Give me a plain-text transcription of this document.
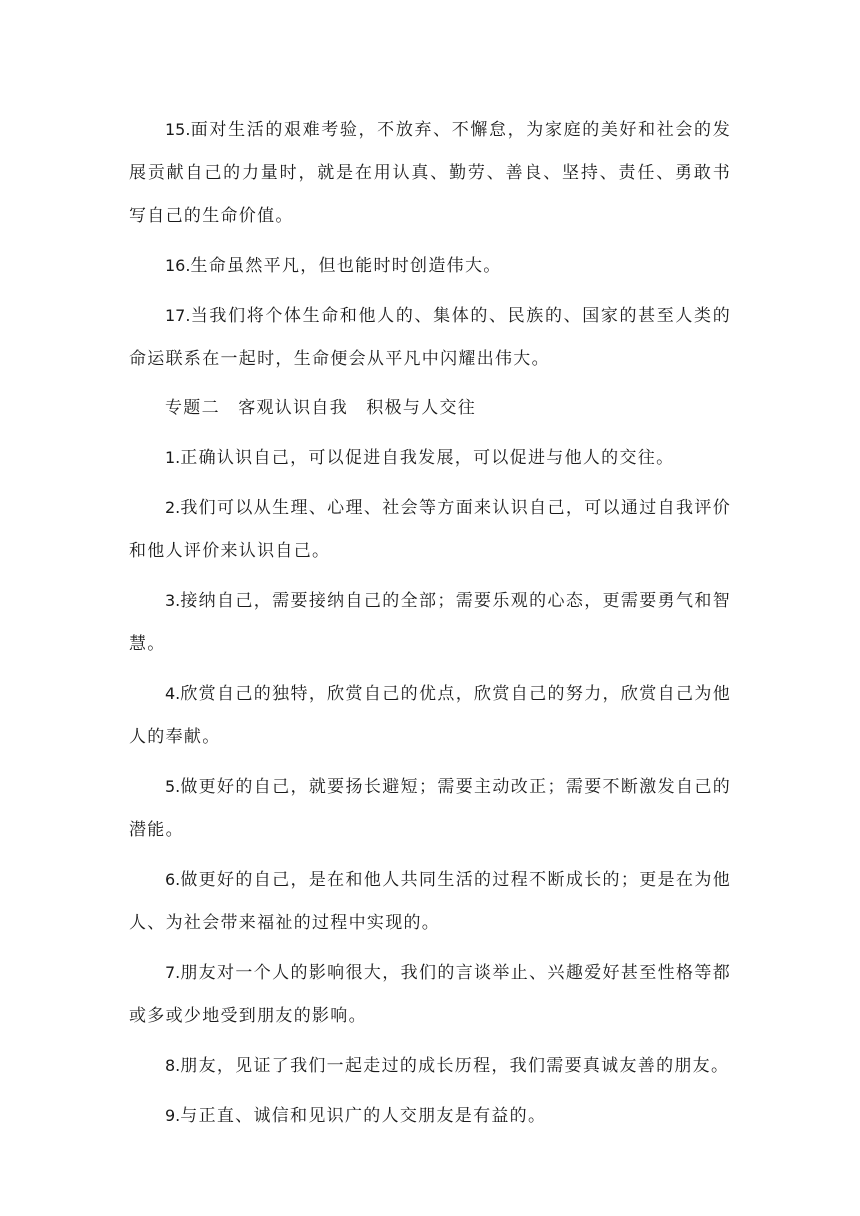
15.面对生活的艰难考验，不放弃、不懈怠，为家庭的美好和社会的发展贡献自己的力量时，就是在用认真、勤劳、善良、坚持、责任、勇敢书写自己的生命价值。

16.生命虽然平凡，但也能时时创造伟大。

17.当我们将个体生命和他人的、集体的、民族的、国家的甚至人类的命运联系在一起时，生命便会从平凡中闪耀出伟大。

专题二　客观认识自我　积极与人交往

1.正确认识自己，可以促进自我发展，可以促进与他人的交往。

2.我们可以从生理、心理、社会等方面来认识自己，可以通过自我评价和他人评价来认识自己。

3.接纳自己，需要接纳自己的全部；需要乐观的心态，更需要勇气和智慧。

4.欣赏自己的独特，欣赏自己的优点，欣赏自己的努力，欣赏自己为他人的奉献。

5.做更好的自己，就要扬长避短；需要主动改正；需要不断激发自己的潜能。

6.做更好的自己，是在和他人共同生活的过程不断成长的；更是在为他人、为社会带来福祉的过程中实现的。

7.朋友对一个人的影响很大，我们的言谈举止、兴趣爱好甚至性格等都或多或少地受到朋友的影响。

8.朋友，见证了我们一起走过的成长历程，我们需要真诚友善的朋友。

9.与正直、诚信和见识广的人交朋友是有益的。
